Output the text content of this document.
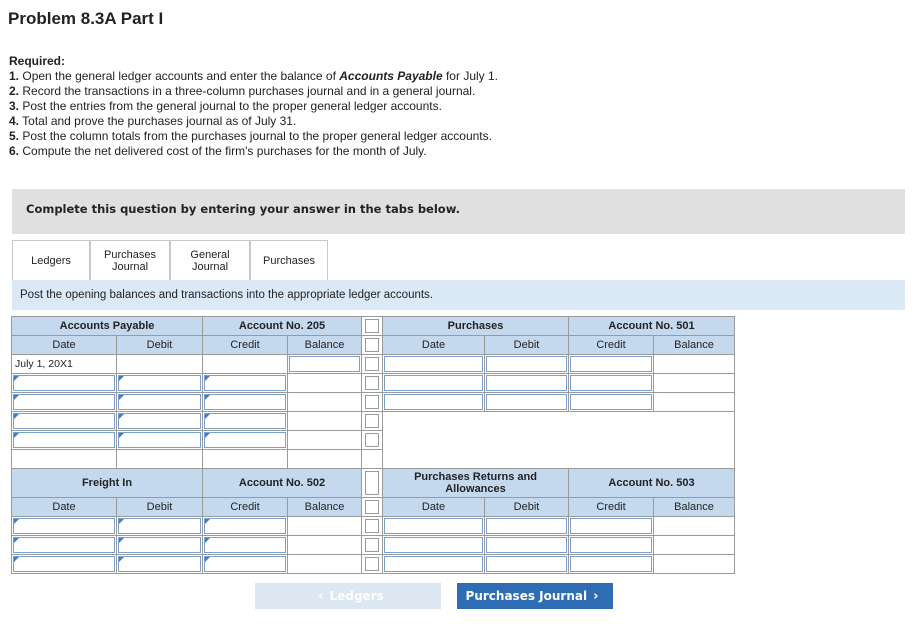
Problem 8.3A Part I
Required:
1. Open the general ledger accounts and enter the balance of Accounts Payable for July 1.
2. Record the transactions in a three-column purchases journal and in a general journal.
3. Post the entries from the general journal to the proper general ledger accounts.
4. Total and prove the purchases journal as of July 31.
5. Post the column totals from the purchases journal to the proper general ledger accounts.
6. Compute the net delivered cost of the firm's purchases for the month of July.
Complete this question by entering your answer in the tabs below.
Ledgers	Purchases Journal
General Journal	Purchases
Post the opening balances and transactions into the appropriate ledger accounts.
Accounts Payable		Account No. 205	
Date	Debit	Credit	Balance
July 1, 20X1			

Purchases		Account No. 501	
Date	Debit	Credit	Balance

Freight In		Account No. 502	
Date	Debit	Credit	Balance

Purchases Returns and Allowances		Account No. 503	
Date	Debit	Credit	Balance

‹ Ledgers	Purchases Journal ›
